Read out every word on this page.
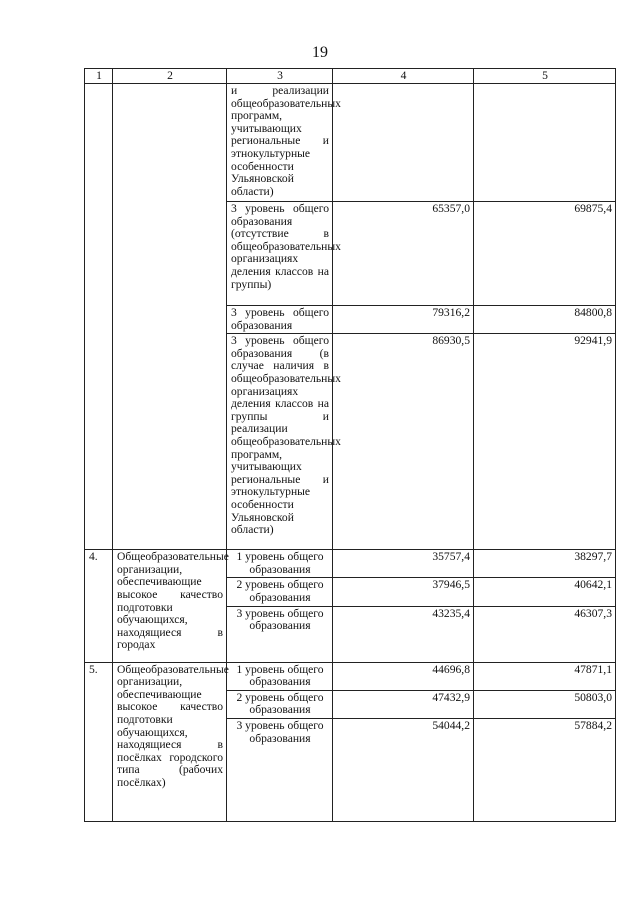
19
1	2	3	4	5
		и реализации общеобразовательных программ, учитывающих региональные и этнокультурные особенности Ульяновской области)		
		3 уровень общего образования (отсутствие в общеобразовательных организациях деления классов на группы)	65357,0	69875,4
		3 уровень общего образования	79316,2	84800,8
		3 уровень общего образования (в случае наличия в общеобразовательных организациях деления классов на группы и реализации общеобразовательных программ, учитывающих региональные и этнокультурные особенности Ульяновской области)	86930,5	92941,9
4.	Общеобразовательные организации, обеспечивающие высокое качество подготовки обучающихся, находящиеся в городах	1 уровень общего образования	35757,4	38297,7
		2 уровень общего образования	37946,5	40642,1
		3 уровень общего образования	43235,4	46307,3
5.	Общеобразовательные организации, обеспечивающие высокое качество подготовки обучающихся, находящиеся в посёлках городского типа (рабочих посёлках)	1 уровень общего образования	44696,8	47871,1
		2 уровень общего образования	47432,9	50803,0
		3 уровень общего образования	54044,2	57884,2
